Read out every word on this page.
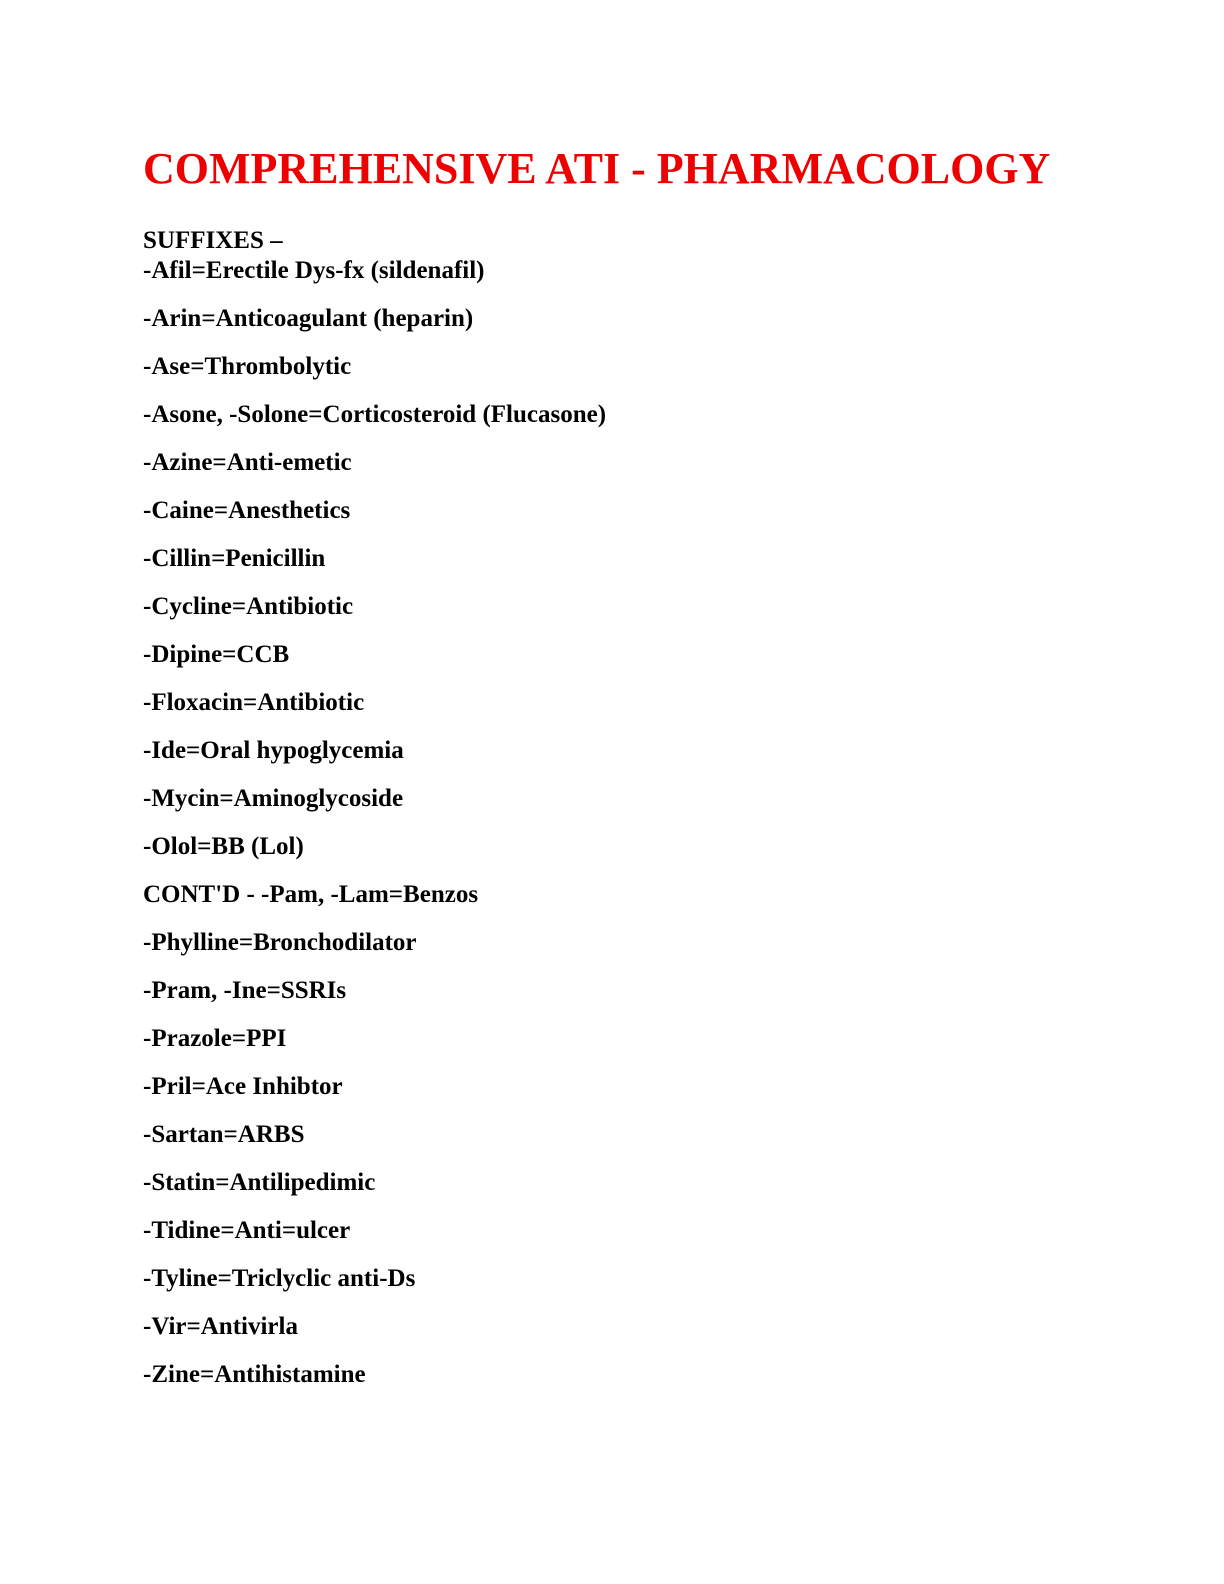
COMPREHENSIVE ATI - PHARMACOLOGY

SUFFIXES –

-Afil=Erectile Dys-fx (sildenafil)
-Arin=Anticoagulant (heparin)
-Ase=Thrombolytic
-Asone, -Solone=Corticosteroid (Flucasone)
-Azine=Anti-emetic
-Caine=Anesthetics
-Cillin=Penicillin
-Cycline=Antibiotic
-Dipine=CCB
-Floxacin=Antibiotic
-Ide=Oral hypoglycemia
-Mycin=Aminoglycoside
-Olol=BB (Lol)
CONT'D - -Pam, -Lam=Benzos
-Phylline=Bronchodilator
-Pram, -Ine=SSRIs
-Prazole=PPI
-Pril=Ace Inhibtor
-Sartan=ARBS
-Statin=Antilipedimic
-Tidine=Anti=ulcer
-Tyline=Triclyclic anti-Ds
-Vir=Antivirla
-Zine=Antihistamine
